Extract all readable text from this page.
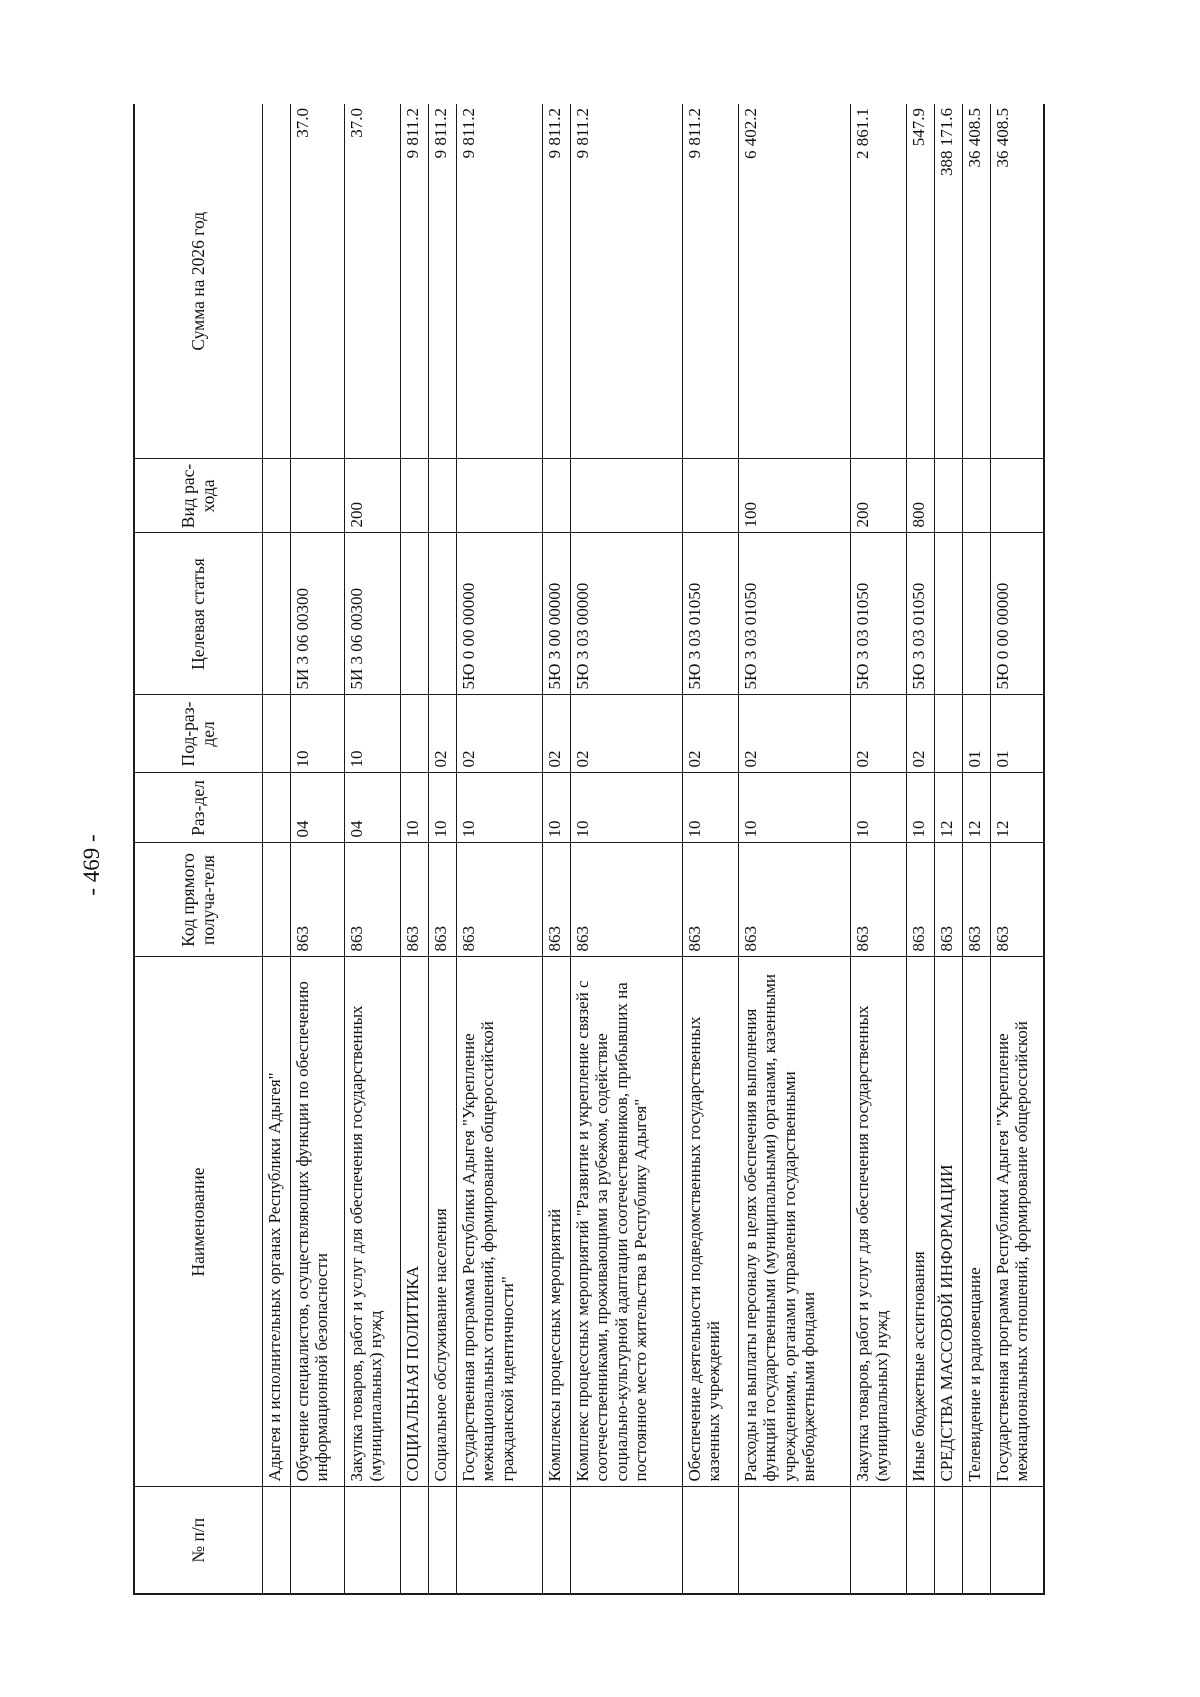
- 469 -
№ п/п	Наименование	Код прямого получа-теля	Раз-дел	Под-раз-дел	Целевая статья	Вид рас-хода	Сумма на 2026 год
	Адыгея и исполнительных органах Республики Адыгея"						
	Обучение специалистов, осуществляющих функции по обеспечению информационной безопасности	863	04	10	5И 3 06 00300		37.0
	Закупка товаров, работ и услуг для обеспечения государственных (муниципальных) нужд	863	04	10	5И 3 06 00300	200	37.0
	СОЦИАЛЬНАЯ ПОЛИТИКА	863	10				9 811.2
	Социальное обслуживание населения	863	10	02			9 811.2
	Государственная программа Республики Адыгея "Укрепление межнациональных отношений, формирование общероссийской гражданской идентичности"	863	10	02	5Ю 0 00 00000		9 811.2
	Комплексы процессных мероприятий	863	10	02	5Ю 3 00 00000		9 811.2
	Комплекс процессных мероприятий "Развитие и укрепление связей с соотечественниками, проживающими за рубежом, содействие социально-культурной адаптации соотечественников, прибывших на постоянное место жительства в Республику Адыгея"	863	10	02	5Ю 3 03 00000		9 811.2
	Обеспечение деятельности подведомственных государственных казенных учреждений	863	10	02	5Ю 3 03 01050		9 811.2
	Расходы на выплаты персоналу в целях обеспечения выполнения функций государственными (муниципальными) органами, казенными учреждениями, органами управления государственными внебюджетными фондами	863	10	02	5Ю 3 03 01050	100	6 402.2
	Закупка товаров, работ и услуг для обеспечения государственных (муниципальных) нужд	863	10	02	5Ю 3 03 01050	200	2 861.1
	Иные бюджетные ассигнования	863	10	02	5Ю 3 03 01050	800	547.9
	СРЕДСТВА МАССОВОЙ ИНФОРМАЦИИ	863	12				388 171.6
	Телевидение и радиовещание	863	12	01			36 408.5
	Государственная программа Республики Адыгея "Укрепление межнациональных отношений, формирование общероссийской	863	12	01	5Ю 0 00 00000		36 408.5
